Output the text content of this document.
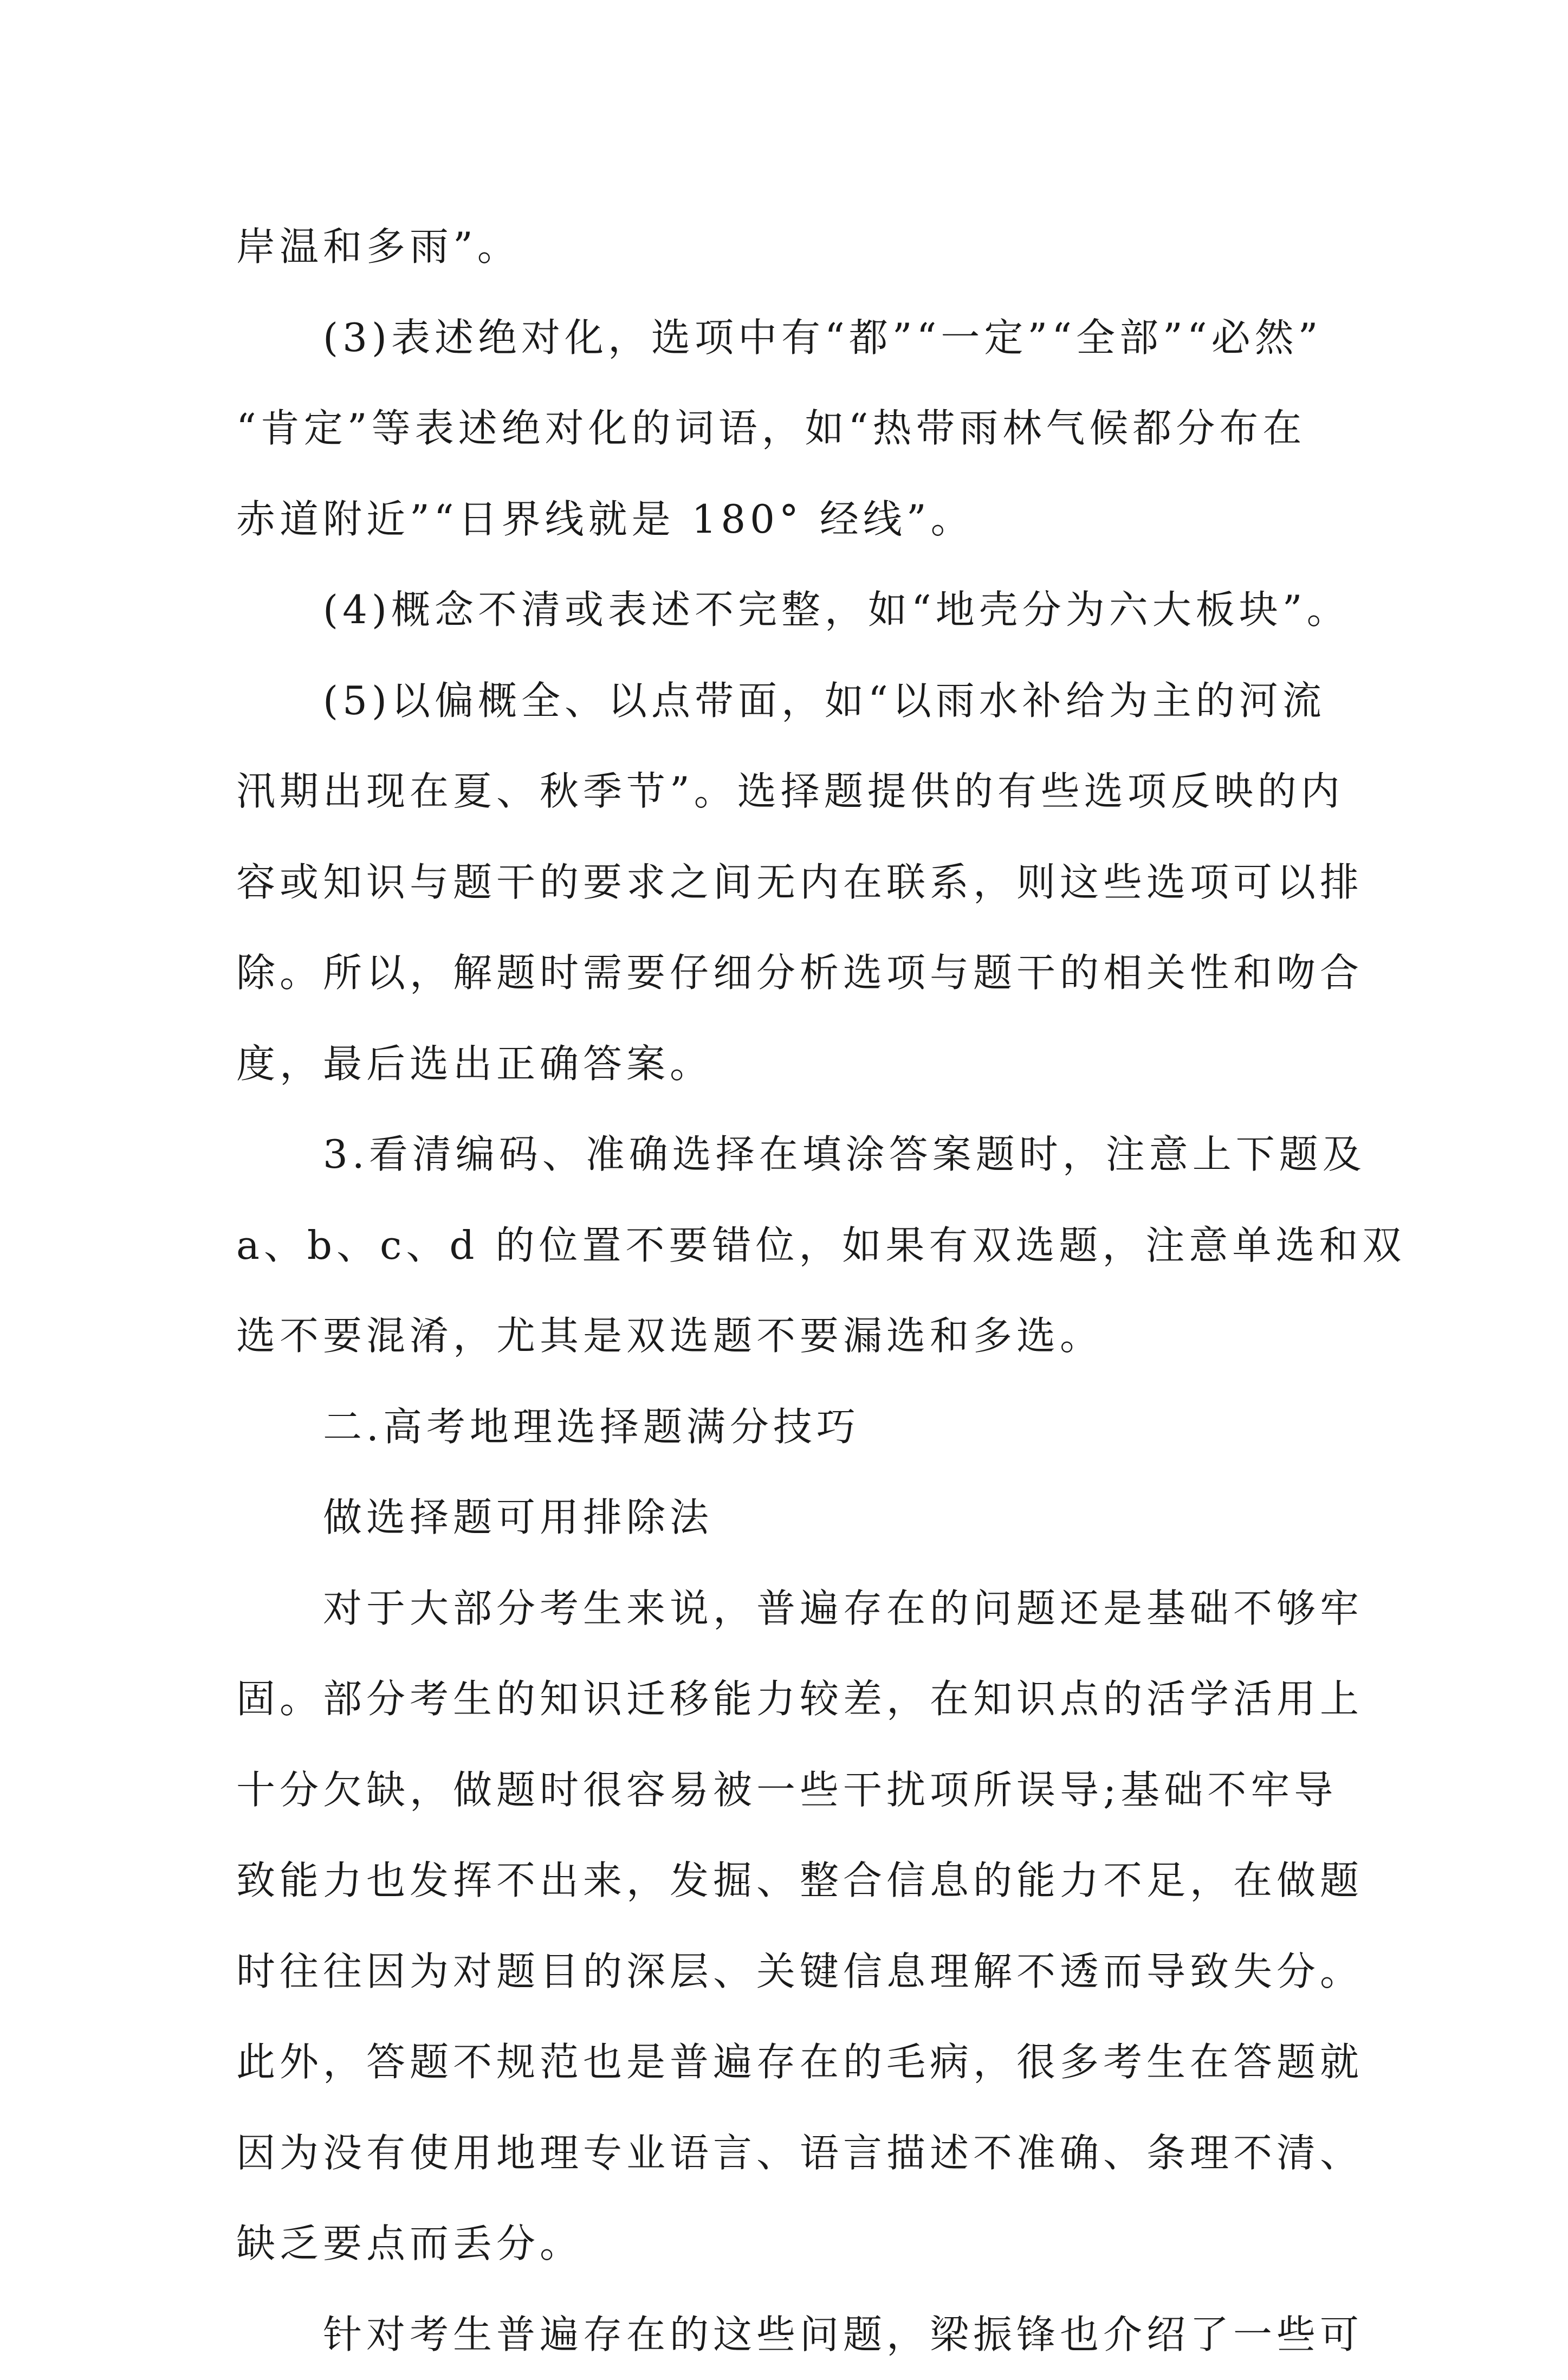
岸温和多雨”。
(3)表述绝对化，选项中有“都”“一定”“全部”“必然”
“肯定”等表述绝对化的词语，如“热带雨林气候都分布在
赤道附近”“日界线就是 180° 经线”。
(4)概念不清或表述不完整，如“地壳分为六大板块”。
(5)以偏概全、以点带面，如“以雨水补给为主的河流
汛期出现在夏、秋季节”。选择题提供的有些选项反映的内
容或知识与题干的要求之间无内在联系，则这些选项可以排
除。所以，解题时需要仔细分析选项与题干的相关性和吻合
度，最后选出正确答案。
3.看清编码、准确选择在填涂答案题时，注意上下题及
a、b、c、d 的位置不要错位，如果有双选题，注意单选和双
选不要混淆，尤其是双选题不要漏选和多选。
二.高考地理选择题满分技巧
做选择题可用排除法
对于大部分考生来说，普遍存在的问题还是基础不够牢
固。部分考生的知识迁移能力较差，在知识点的活学活用上
十分欠缺，做题时很容易被一些干扰项所误导;基础不牢导
致能力也发挥不出来，发掘、整合信息的能力不足，在做题
时往往因为对题目的深层、关键信息理解不透而导致失分。
此外，答题不规范也是普遍存在的毛病，很多考生在答题就
因为没有使用地理专业语言、语言描述不准确、条理不清、
缺乏要点而丢分。
针对考生普遍存在的这些问题，梁振锋也介绍了一些可
